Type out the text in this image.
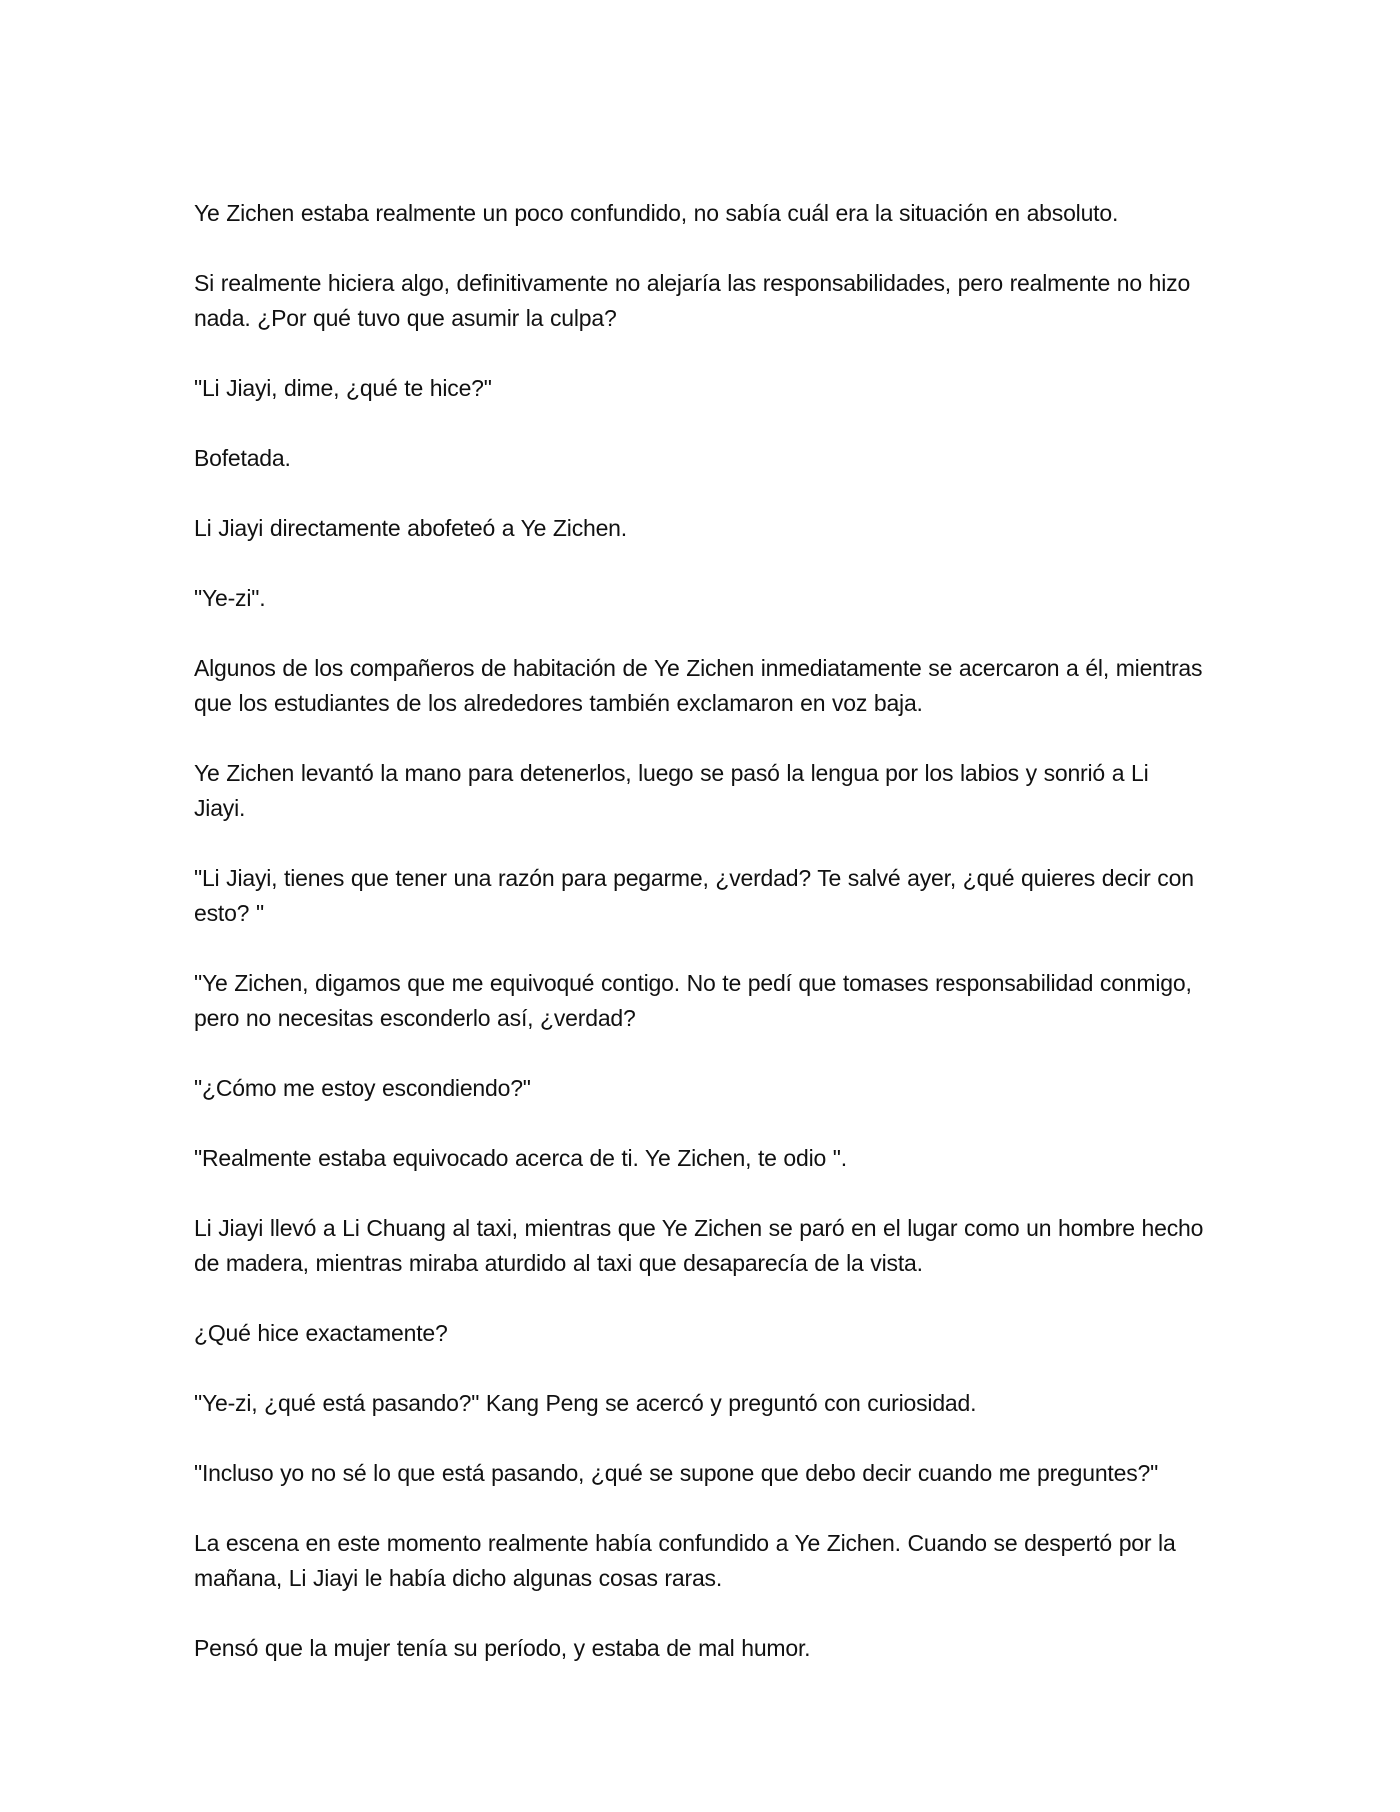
Ye Zichen estaba realmente un poco confundido, no sabía cuál era la situación en absoluto.

Si realmente hiciera algo, definitivamente no alejaría las responsabilidades, pero realmente no hizo nada. ¿Por qué tuvo que asumir la culpa?

"Li Jiayi, dime, ¿qué te hice?"

Bofetada.

Li Jiayi directamente abofeteó a Ye Zichen.

"Ye-zi".

Algunos de los compañeros de habitación de Ye Zichen inmediatamente se acercaron a él, mientras que los estudiantes de los alrededores también exclamaron en voz baja.

Ye Zichen levantó la mano para detenerlos, luego se pasó la lengua por los labios y sonrió a Li Jiayi.

"Li Jiayi, tienes que tener una razón para pegarme, ¿verdad? Te salvé ayer, ¿qué quieres decir con esto? "

"Ye Zichen, digamos que me equivoqué contigo. No te pedí que tomases responsabilidad conmigo, pero no necesitas esconderlo así, ¿verdad?

"¿Cómo me estoy escondiendo?"

"Realmente estaba equivocado acerca de ti. Ye Zichen, te odio ".

Li Jiayi llevó a Li Chuang al taxi, mientras que Ye Zichen se paró en el lugar como un hombre hecho de madera, mientras miraba aturdido al taxi que desaparecía de la vista.

¿Qué hice exactamente?

"Ye-zi, ¿qué está pasando?" Kang Peng se acercó y preguntó con curiosidad.

"Incluso yo no sé lo que está pasando, ¿qué se supone que debo decir cuando me preguntes?"

La escena en este momento realmente había confundido a Ye Zichen. Cuando se despertó por la mañana, Li Jiayi le había dicho algunas cosas raras.

Pensó que la mujer tenía su período, y estaba de mal humor.
